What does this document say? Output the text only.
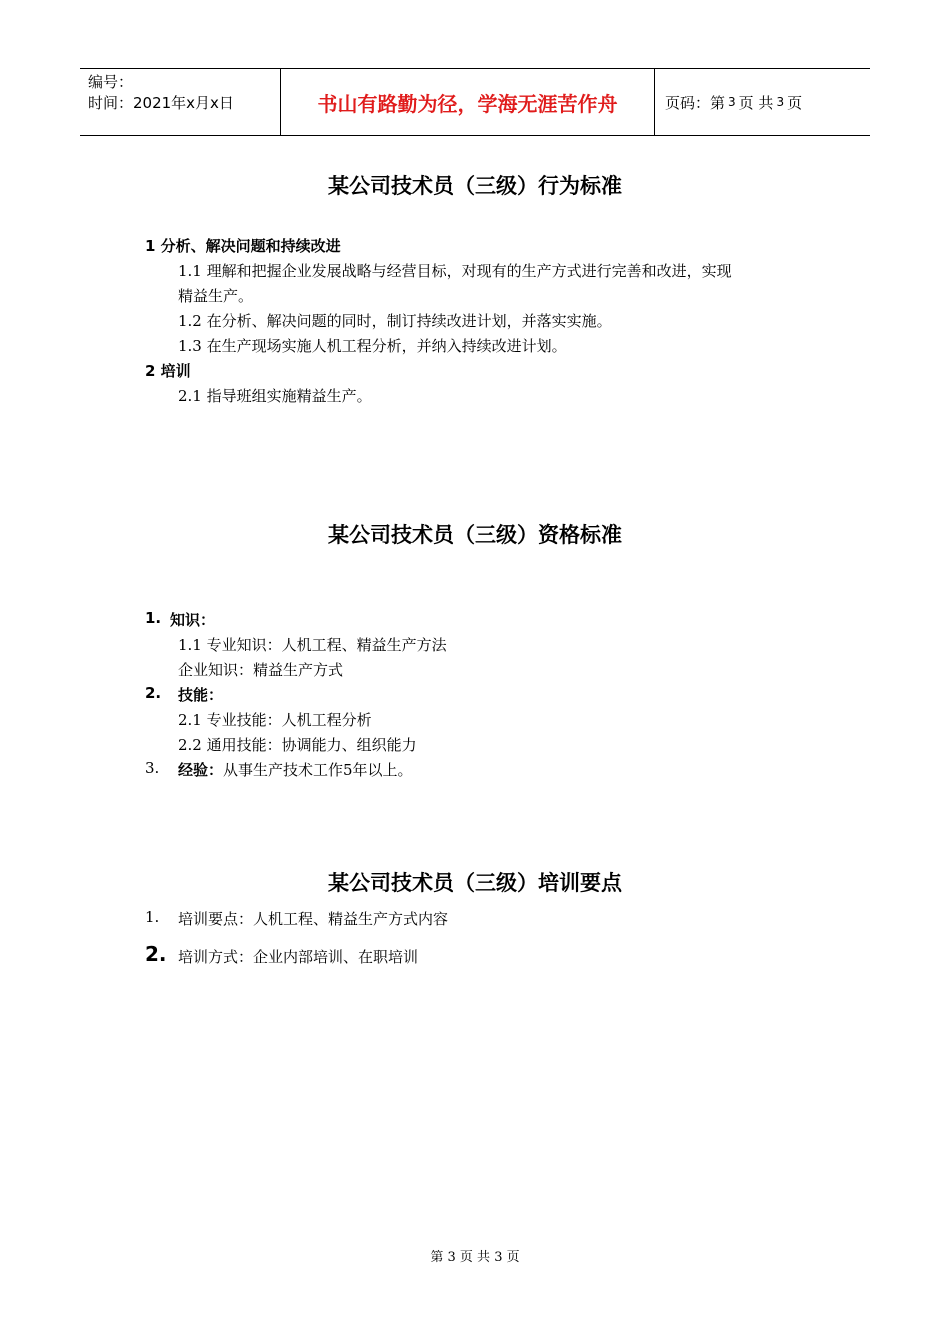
编号：
时间：2021年x月x日	书山有路勤为径，学海无涯苦作舟	页码：第 3 页 共 3 页
某公司技术员（三级）行为标准
1 分析、解决问题和持续改进
1.1 理解和把握企业发展战略与经营目标，对现有的生产方式进行完善和改进，实现
精益生产。
1.2 在分析、解决问题的同时，制订持续改进计划，并落实实施。
1.3 在生产现场实施人机工程分析，并纳入持续改进计划。
2 培训
2.1 指导班组实施精益生产。
某公司技术员（三级）资格标准
1. 知识：
1.1 专业知识：人机工程、精益生产方法
企业知识：精益生产方式
2. 技能：
2.1 专业技能：人机工程分析
2.2 通用技能：协调能力、组织能力
3. 经验：从事生产技术工作5年以上。
某公司技术员（三级）培训要点
1. 培训要点：人机工程、精益生产方式内容
2. 培训方式：企业内部培训、在职培训
第 3 页 共 3 页
